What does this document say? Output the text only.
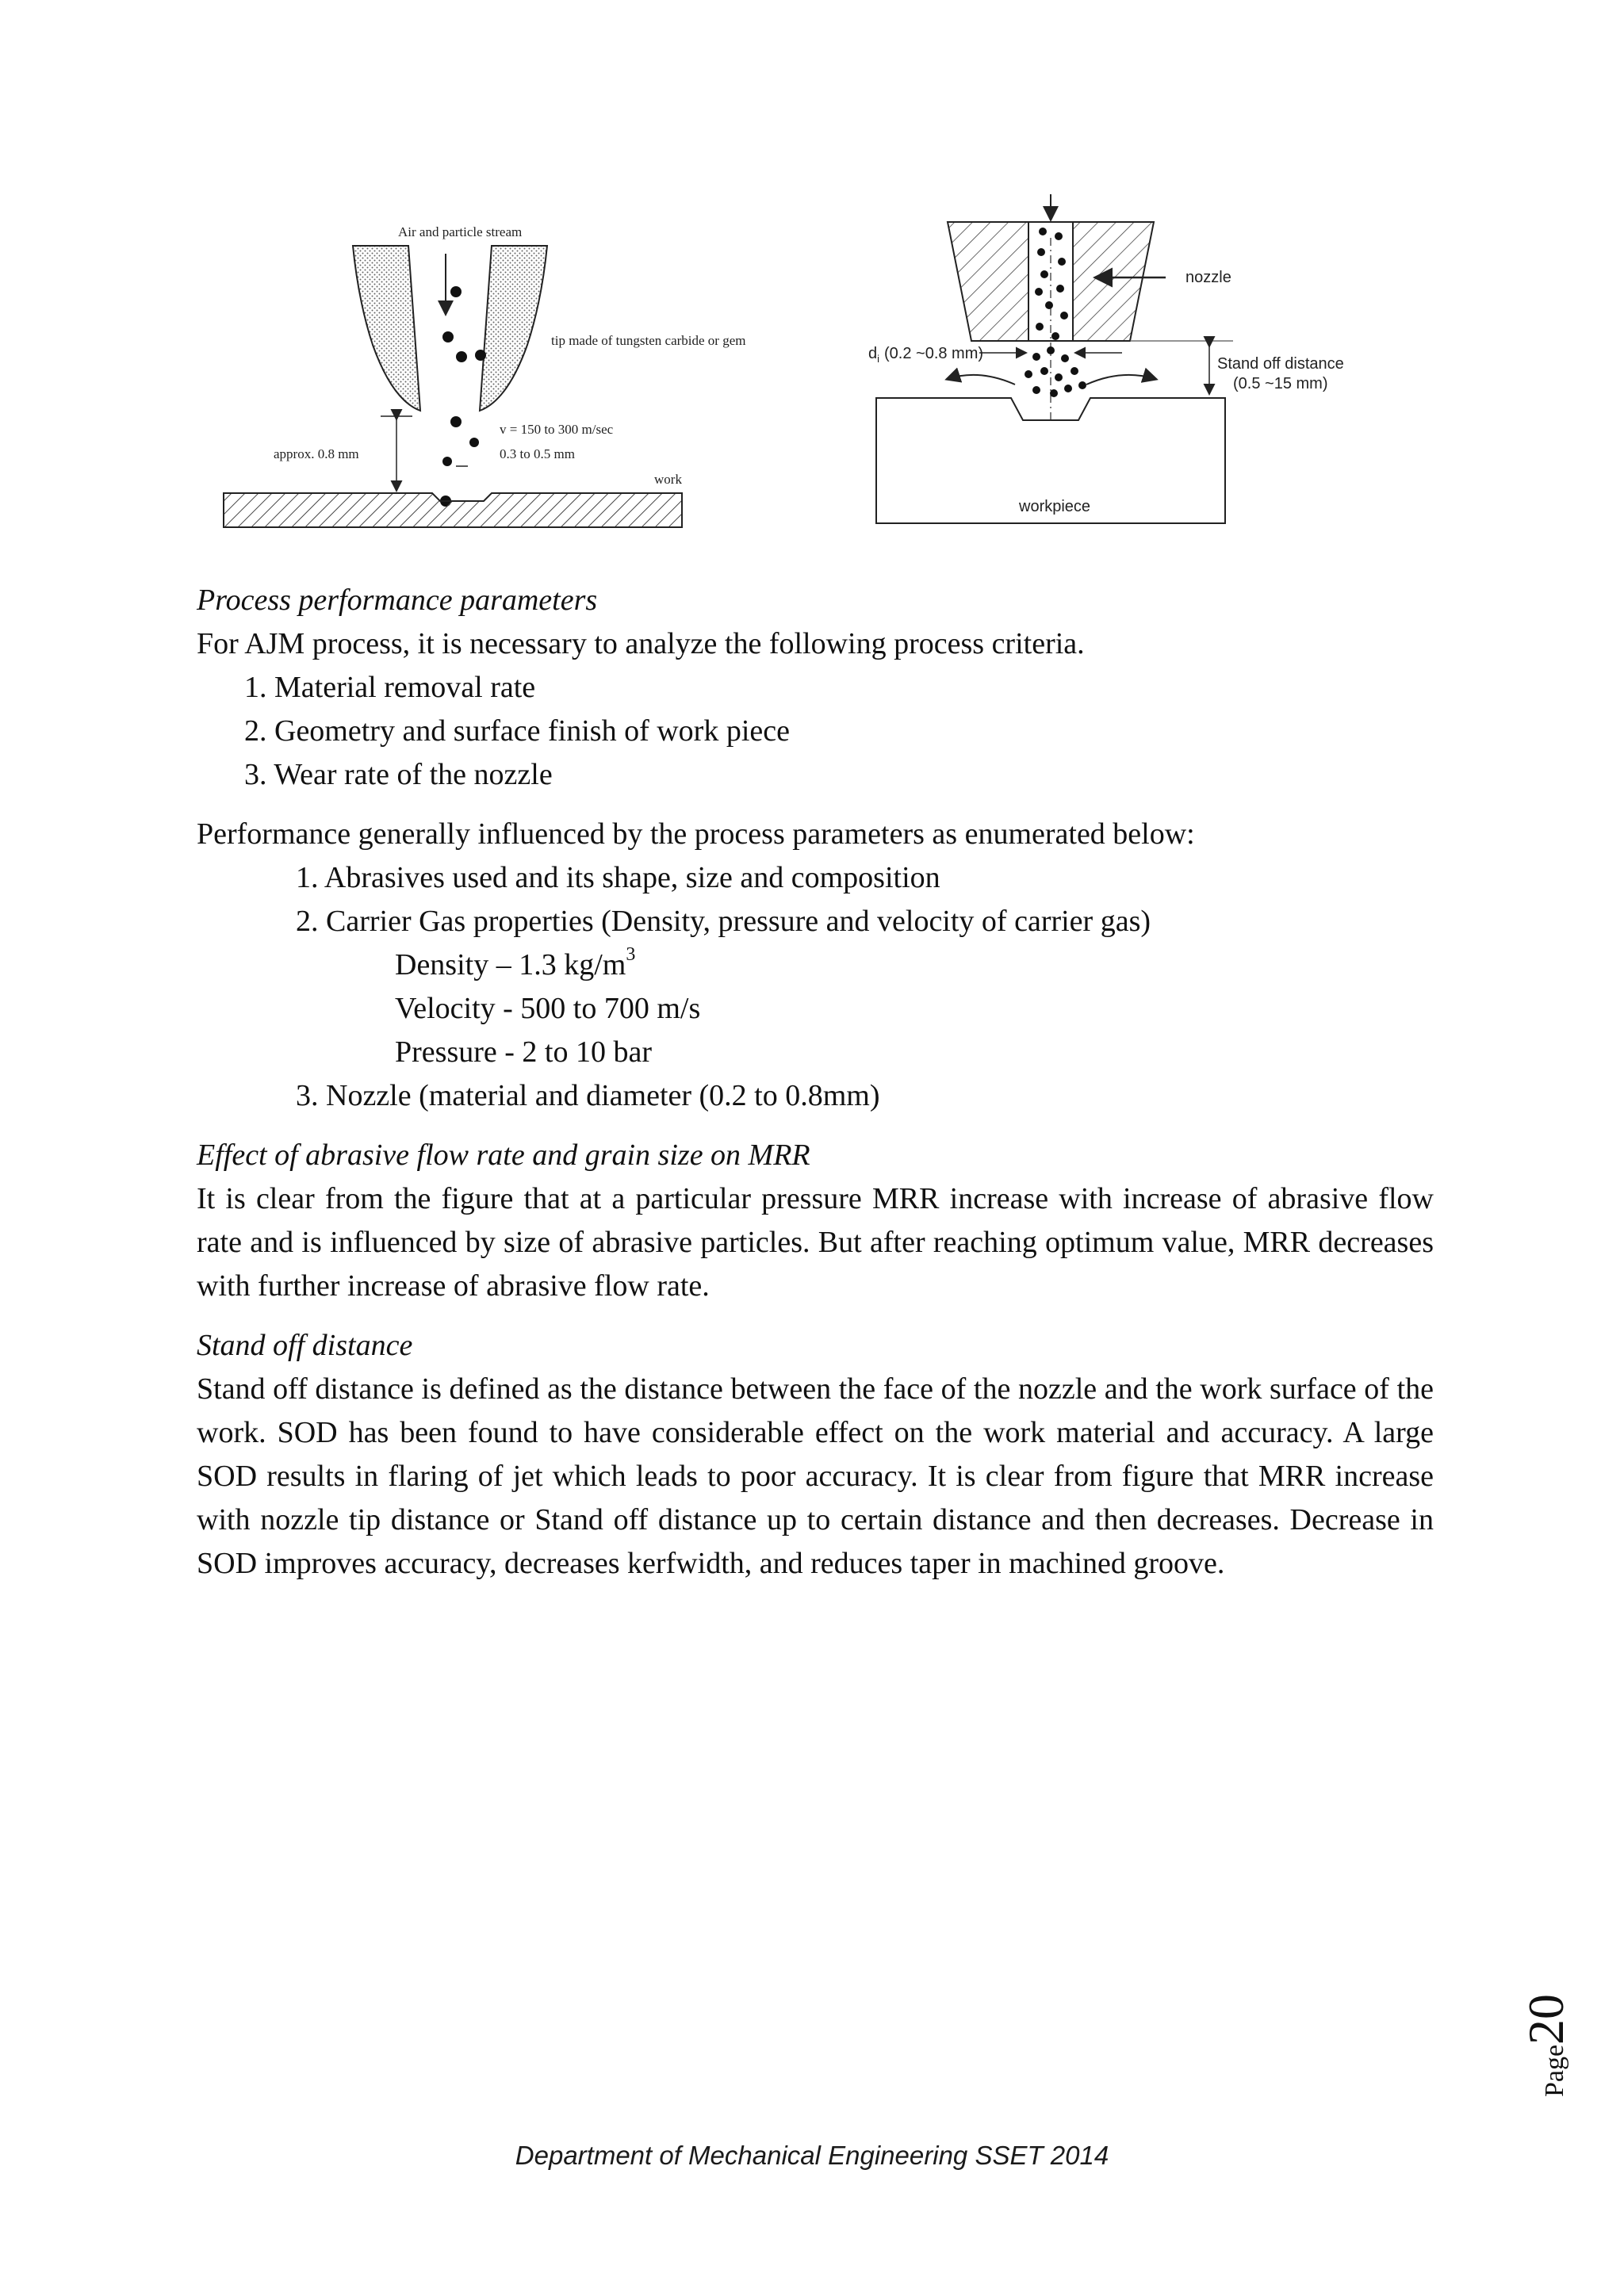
Air and particle stream
tip made of tungsten carbide or gem
v = 150 to 300 m/sec
0.3 to 0.5 mm
approx. 0.8 mm
work
nozzle
$d_i$ (0.2 ~0.8 mm)
Stand off distance
(0.5 ~15 mm)
workpiece
Process performance parameters
For AJM process, it is necessary to analyze the following process criteria.
1. Material removal rate
2. Geometry and surface finish of work piece
3. Wear rate of the nozzle
Performance generally influenced by the process parameters as enumerated below:
1. Abrasives used and its shape, size and composition
2. Carrier Gas properties (Density, pressure and velocity of carrier gas)
Density – 1.3 $kg/m^3$
Velocity - 500 to 700 m/s
Pressure - 2 to 10 bar
3. Nozzle (material and diameter (0.2 to 0.8mm)
Effect of abrasive flow rate and grain size on MRR
It is clear from the figure that at a particular pressure MRR increase with increase of abrasive flow rate and is influenced by size of abrasive particles. But after reaching optimum value, MRR decreases with further increase of abrasive flow rate.
Stand off distance
Stand off distance is defined as the distance between the face of the nozzle and the work surface of the work. SOD has been found to have considerable effect on the work material and accuracy. A large SOD results in flaring of jet which leads to poor accuracy. It is clear from figure that MRR increase with nozzle tip distance or Stand off distance up to certain distance and then decreases. Decrease in SOD improves accuracy, decreases kerfwidth, and reduces taper in machined groove.
Page20
Department of Mechanical Engineering SSET 2014
